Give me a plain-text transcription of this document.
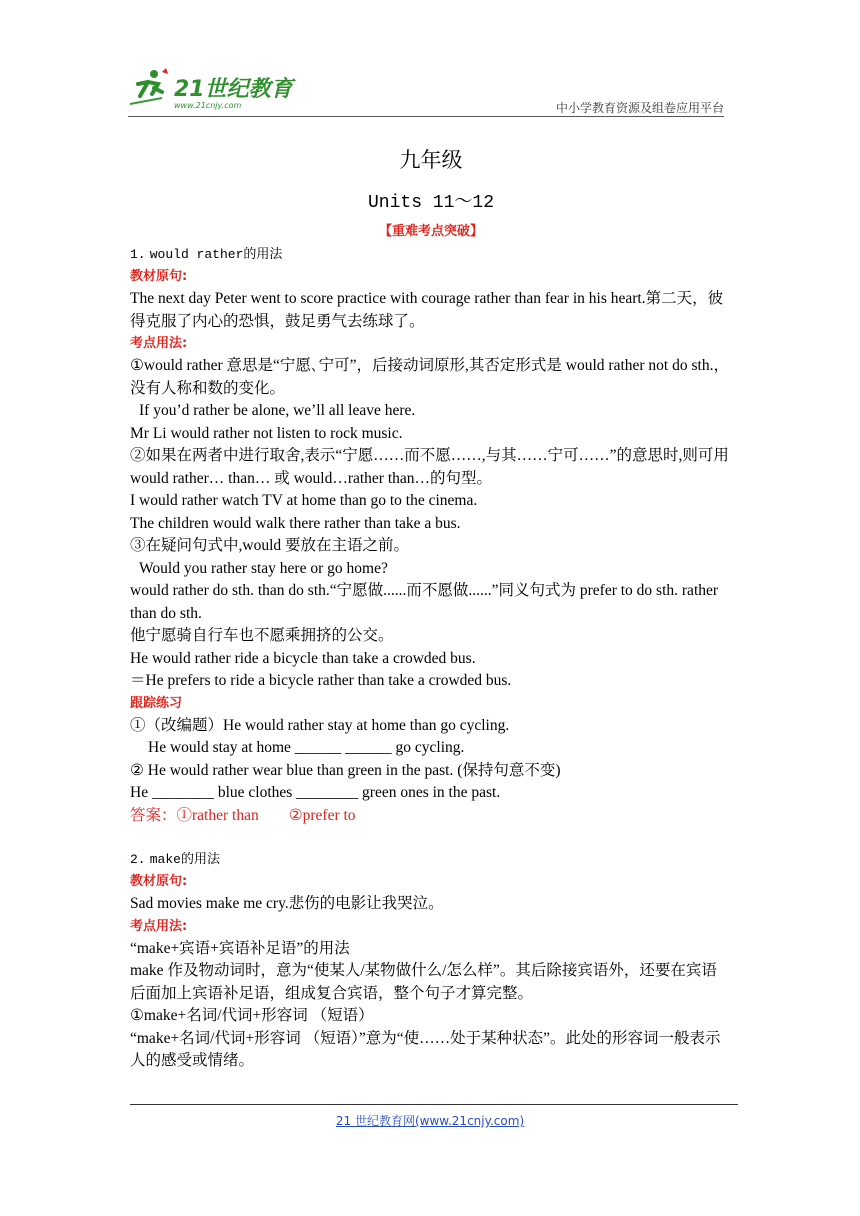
21世纪教育
www.21cnjy.com	中小学教育资源及组卷应用平台
九年级
Units 11～12
【重难考点突破】
1. would rather的用法
教材原句:

The next day Peter went to score practice with courage rather than fear in his heart.第二天，彼得克服了内心的恐惧，鼓足勇气去练球了。

考点用法:

①would rather 意思是“宁愿､宁可”，后接动词原形,其否定形式是 would rather not do sth.，没有人称和数的变化。

If you’d rather be alone, we’ll all leave here.

Mr Li would rather not listen to rock music.

②如果在两者中进行取舍,表示“宁愿……而不愿……,与其……宁可……”的意思时,则可用 would rather… than… 或 would…rather than…的句型。

I would rather watch TV at home than go to the cinema.

The children would walk there rather than take a bus.

③在疑问句式中,would 要放在主语之前。

Would you rather stay here or go home?

would rather do sth. than do sth.“宁愿做......而不愿做......”同义句式为 prefer to do sth. rather than do sth.

他宁愿骑自行车也不愿乘拥挤的公交。

He would rather ride a bicycle than take a crowded bus.

＝He prefers to ride a bicycle rather than take a crowded bus.

跟踪练习

①（改编题）He would rather stay at home than go cycling.

He would stay at home ______ ______ go cycling.

② He would rather wear blue than green in the past. (保持句意不变)

He ________ blue clothes ________ green ones in the past.

答案：①rather than ②prefer to
2. make的用法
教材原句:

Sad movies make me cry.悲伤的电影让我哭泣。

考点用法:

“make+宾语+宾语补足语”的用法

make 作及物动词时，意为“使某人/某物做什么/怎么样”。其后除接宾语外，还要在宾语后面加上宾语补足语，组成复合宾语，整个句子才算完整。

①make+名词/代词+形容词 （短语）

“make+名词/代词+形容词 （短语）”意为“使……处于某种状态”。此处的形容词一般表示人的感受或情绪。

21 世纪教育网(www.21cnjy.com)
